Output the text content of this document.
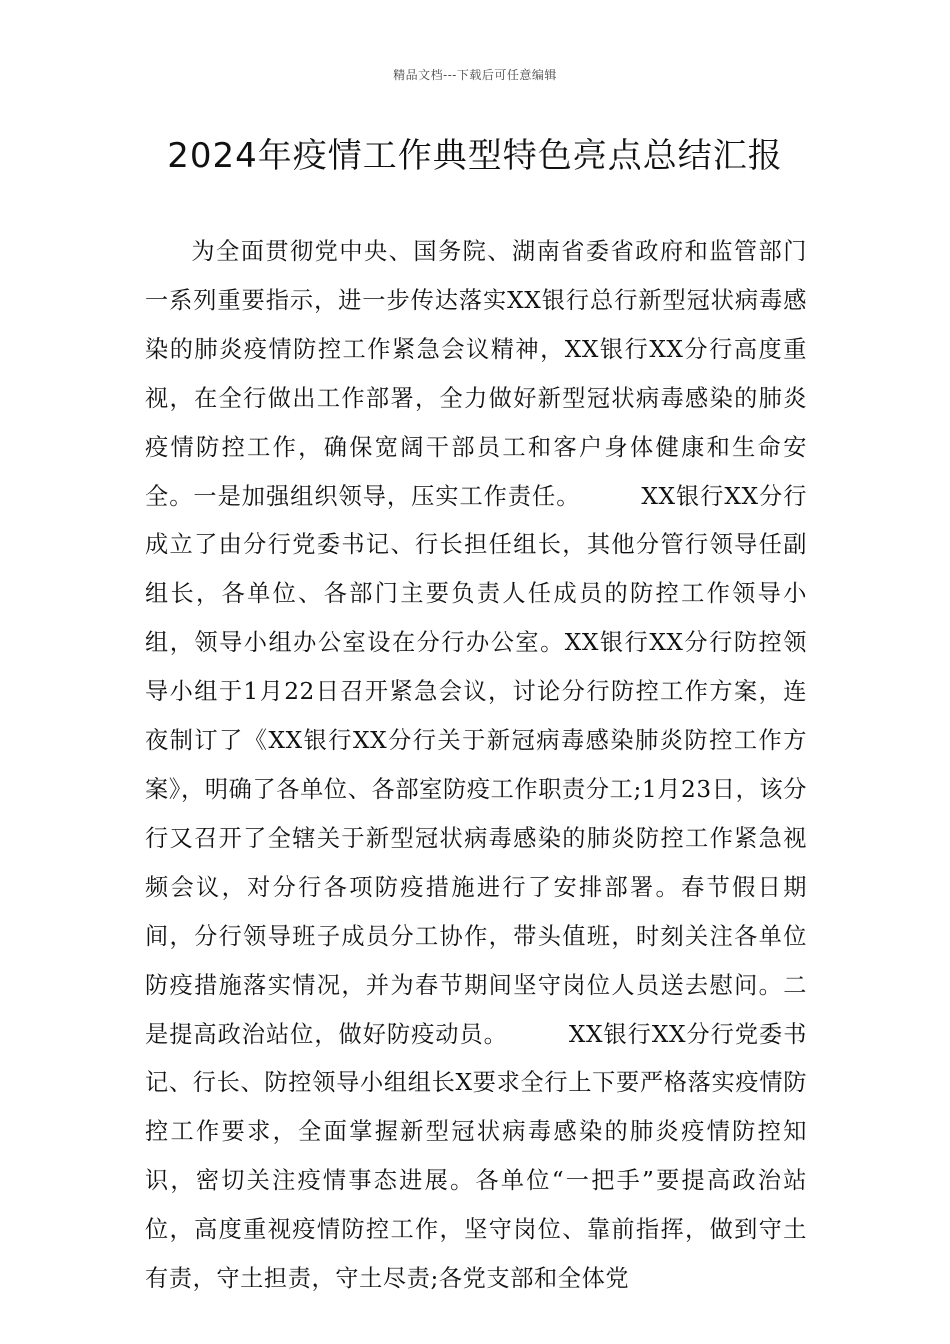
精品文档---下载后可任意编辑
2024年疫情工作典型特色亮点总结汇报

为全面贯彻党中央、国务院、湖南省委省政府和监管部门一系列重要指示，进一步传达落实XX银行总行新型冠状病毒感染的肺炎疫情防控工作紧急会议精神，XX银行XX分行高度重视，在全行做出工作部署，全力做好新型冠状病毒感染的肺炎疫情防控工作，确保宽阔干部员工和客户身体健康和生命安全。一是加强组织领导，压实工作责任。　　　XX银行XX分行成立了由分行党委书记、行长担任组长，其他分管行领导任副组长，各单位、各部门主要负责人任成员的防控工作领导小组，领导小组办公室设在分行办公室。XX银行XX分行防控领导小组于1月22日召开紧急会议，讨论分行防控工作方案，连夜制订了《XX银行XX分行关于新冠病毒感染肺炎防控工作方案》，明确了各单位、各部室防疫工作职责分工;1月23日，该分行又召开了全辖关于新型冠状病毒感染的肺炎防控工作紧急视频会议，对分行各项防疫措施进行了安排部署。春节假日期间，分行领导班子成员分工协作，带头值班，时刻关注各单位防疫措施落实情况，并为春节期间坚守岗位人员送去慰问。二是提高政治站位，做好防疫动员。　　　XX银行XX分行党委书记、行长、防控领导小组组长X要求全行上下要严格落实疫情防控工作要求，全面掌握新型冠状病毒感染的肺炎疫情防控知识，密切关注疫情事态进展。各单位“一把手”要提高政治站位，高度重视疫情防控工作，坚守岗位、靠前指挥，做到守土有责，守土担责，守土尽责;各党支部和全体党
